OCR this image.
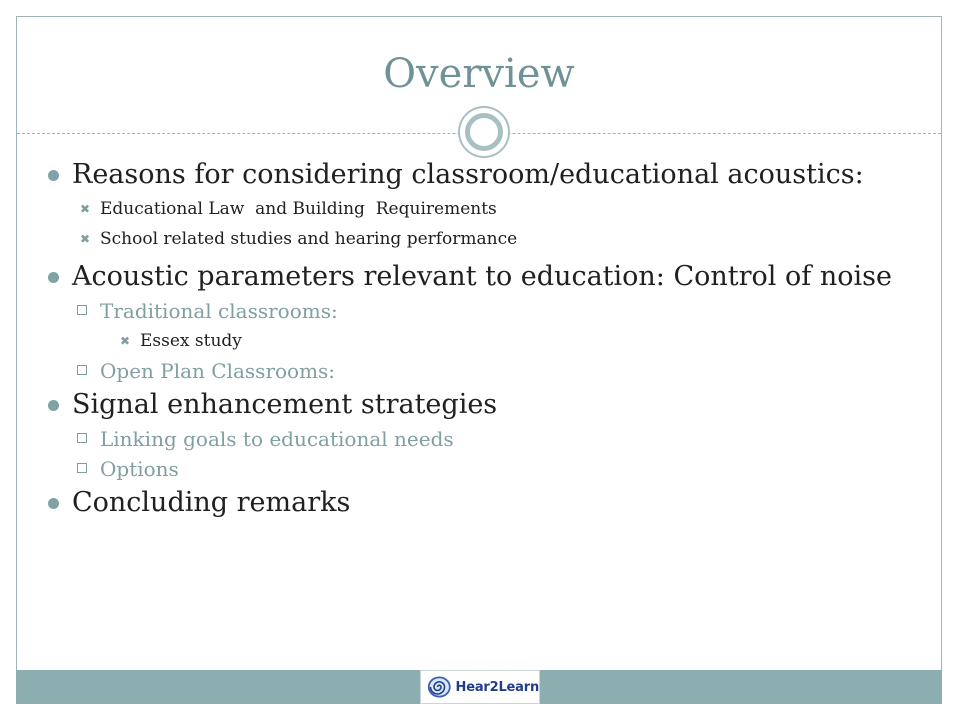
Overview

Reasons for considering classroom/educational acoustics:

✖ Educational Law  and Building  Requirements

✖ School related studies and hearing performance

Acoustic parameters relevant to education: Control of noise

Traditional classrooms:

✖ Essex study

Open Plan Classrooms:

Signal enhancement strategies

Linking goals to educational needs

Options

Concluding remarks

Hear2Learn
